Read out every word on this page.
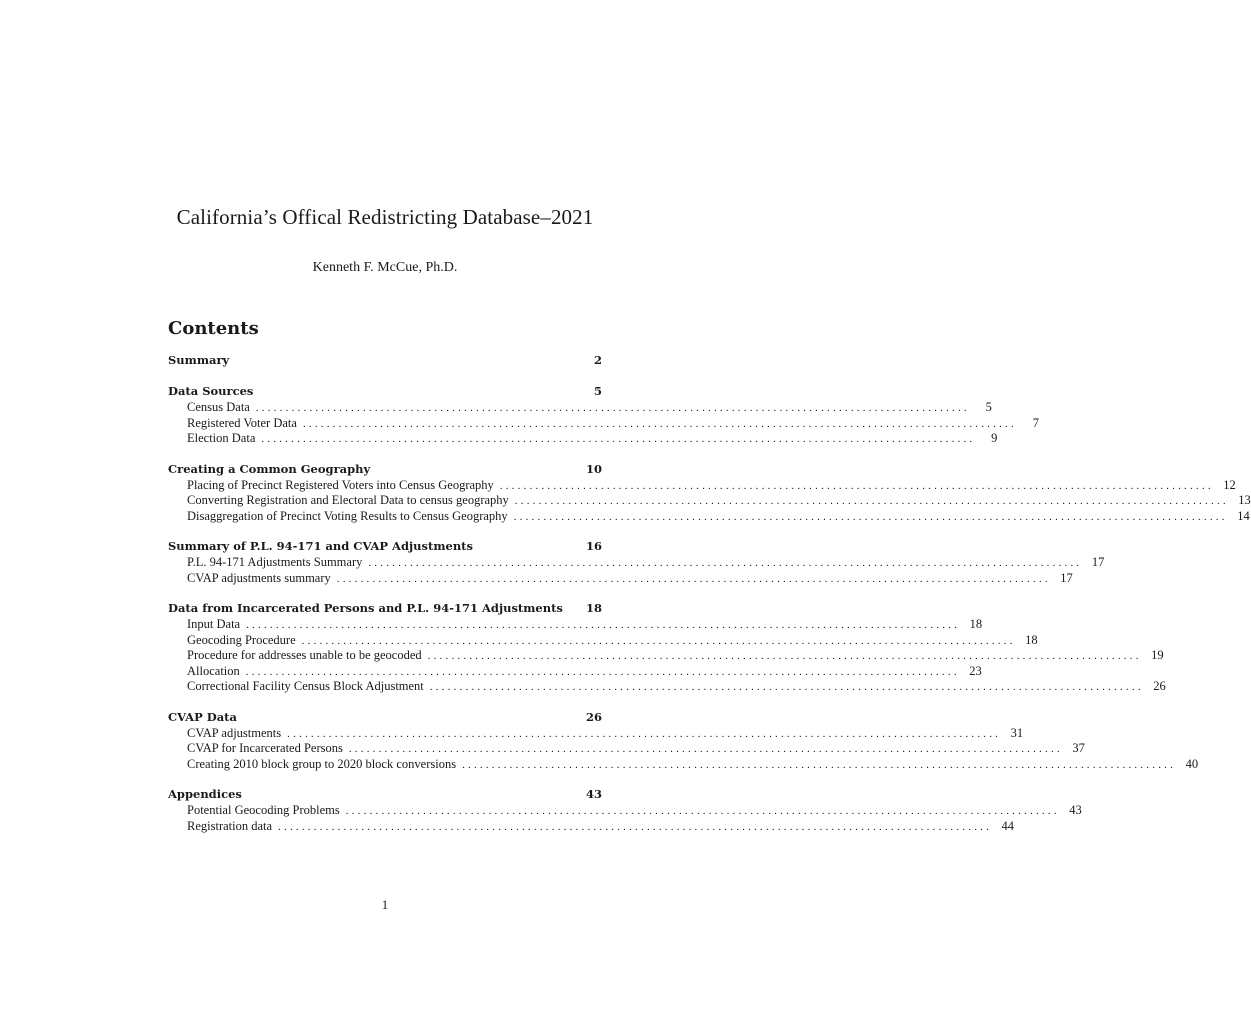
California’s Offical Redistricting Database–2021
Kenneth F. McCue, Ph.D.
Contents
Summary	2
Data Sources	5
Census Data ........................................................................................................................	5
Registered Voter Data ........................................................................................................................	7
Election Data ........................................................................................................................	9
Creating a Common Geography	10
Placing of Precinct Registered Voters into Census Geography ........................................................................................................................ 12
Converting Registration and Electoral Data to census geography ........................................................................................................................ 13
Disaggregation of Precinct Voting Results to Census Geography ........................................................................................................................ 14
Summary of P.L. 94-171 and CVAP Adjustments	16
P.L. 94-171 Adjustments Summary ........................................................................................................................ 17
CVAP adjustments summary ........................................................................................................................ 17
Data from Incarcerated Persons and P.L. 94-171 Adjustments 18
Input Data ........................................................................................................................ 18
Geocoding Procedure ........................................................................................................................ 18
Procedure for addresses unable to be geocoded ........................................................................................................................ 19
Allocation ........................................................................................................................ 23
Correctional Facility Census Block Adjustment ........................................................................................................................ 26
CVAP Data	26
CVAP adjustments ........................................................................................................................ 31
CVAP for Incarcerated Persons ........................................................................................................................ 37
Creating 2010 block group to 2020 block conversions ........................................................................................................................ 40
Appendices	43
Potential Geocoding Problems ........................................................................................................................ 43
Registration data ........................................................................................................................ 44
1
